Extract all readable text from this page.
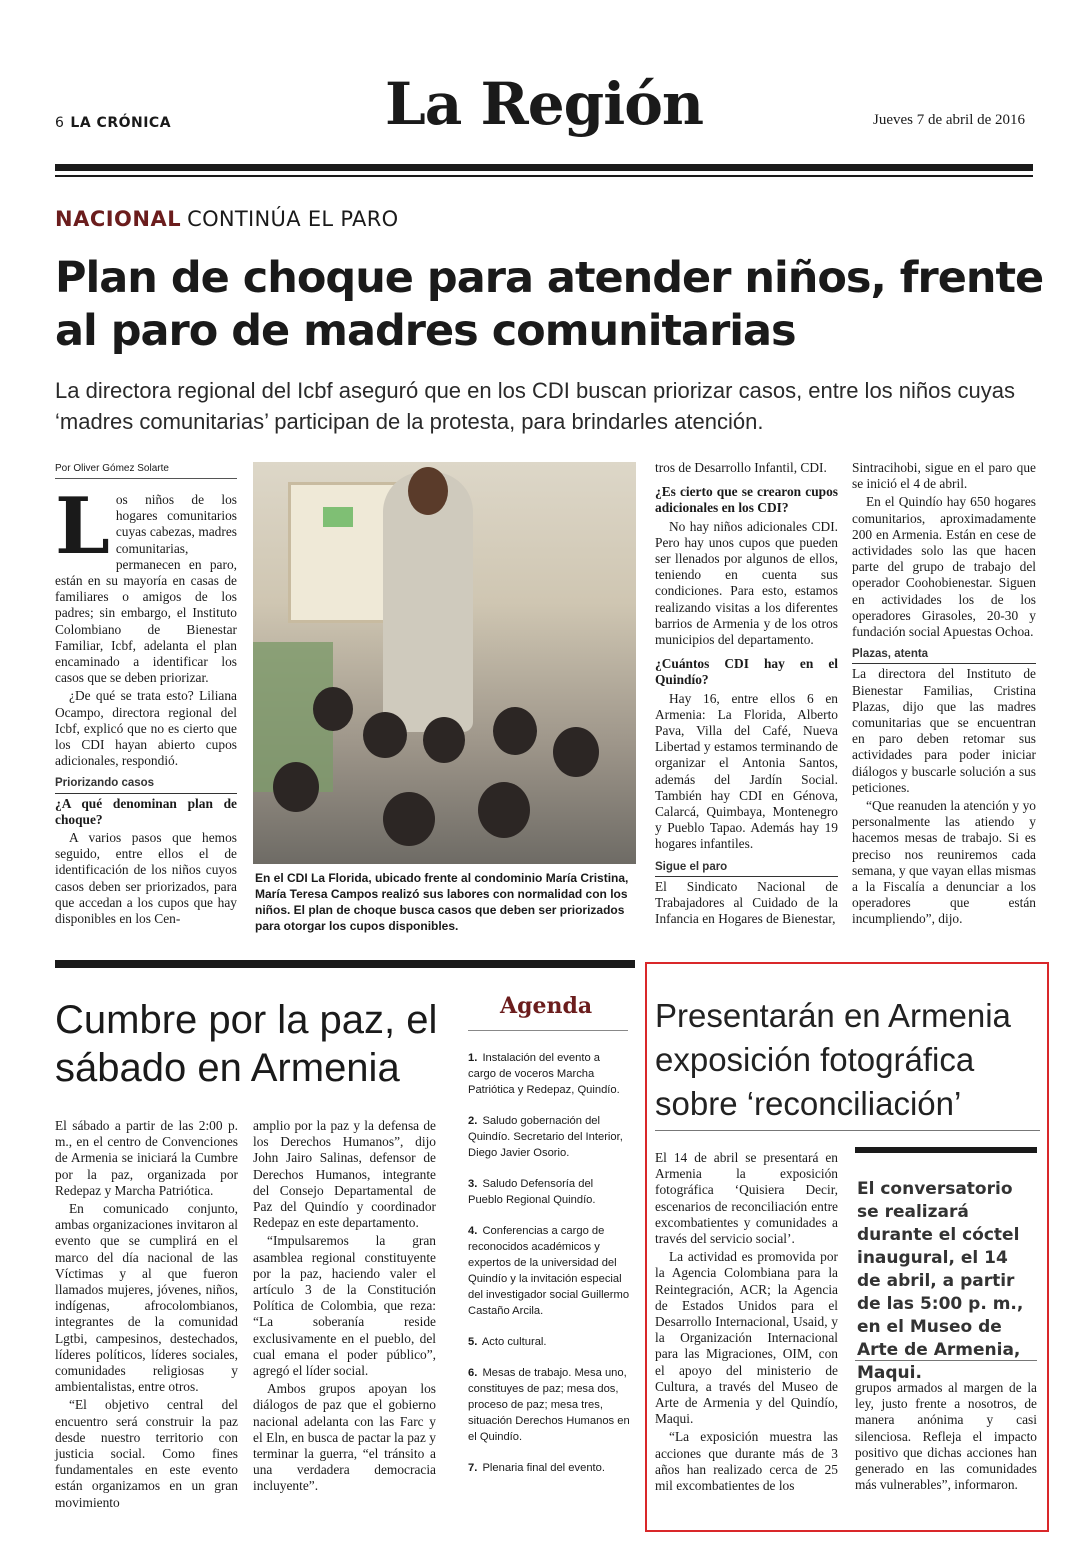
6 LA CRÓNICA	La Región	Jueves 7 de abril de 2016
NACIONAL CONTINÚA EL PARO
Plan de choque para atender niños, frente al paro de madres comunitarias
La directora regional del Icbf aseguró que en los CDI buscan priorizar casos, entre los niños cuyas ‘madres comunitarias’ participan de la protesta, para brindarles atención.
Por Oliver Gómez Solarte
L os niños de los hogares comunitarios cuyas cabezas, madres comunitarias, permanecen en paro, están en su mayoría en casas de familiares o amigos de los padres; sin embargo, el Instituto Colombiano de Bienestar Familiar, Icbf, adelanta el plan encaminado a identificar los casos que se deben priorizar.

¿De qué se trata esto? Liliana Ocampo, directora regional del Icbf, explicó que no es cierto que los CDI hayan abierto cupos adicionales, respondió.

Priorizando casos

¿A qué denominan plan de choque?

A varios pasos que hemos seguido, entre ellos el de identificación de los niños cuyos casos deben ser priorizados, para que accedan a los cupos que hay disponibles en los Cen-

En el CDI La Florida, ubicado frente al condominio María Cristina, María Teresa Campos realizó sus labores con normalidad con los niños. El plan de choque busca casos que deben ser priorizados para otorgar los cupos disponibles.

tros de Desarrollo Infantil, CDI.

¿Es cierto que se crearon cupos adicionales en los CDI?

No hay niños adicionales CDI. Pero hay unos cupos que pueden ser llenados por algunos de ellos, teniendo en cuenta sus condiciones. Para esto, estamos realizando visitas a los diferentes barrios de Armenia y de los otros municipios del departamento.

¿Cuántos CDI hay en el Quindío?

Hay 16, entre ellos 6 en Armenia: La Florida, Alberto Pava, Villa del Café, Nueva Libertad y estamos terminando de organizar el Antonia Santos, además del Jardín Social. También hay CDI en Génova, Calarcá, Quimbaya, Montenegro y Pueblo Tapao. Además hay 19 hogares infantiles.

Sigue el paro

El Sindicato Nacional de Trabajadores al Cuidado de la Infancia en Hogares de Bienestar,

Sintracihobi, sigue en el paro que se inició el 4 de abril.

En el Quindío hay 650 hogares comunitarios, aproximadamente 200 en Armenia. Están en cese de actividades solo las que hacen parte del grupo de trabajo del operador Coohobienestar. Siguen en actividades los de los operadores Girasoles, 20-30 y fundación social Apuestas Ochoa.

Plazas, atenta

La directora del Instituto de Bienestar Familias, Cristina Plazas, dijo que las madres comunitarias que se encuentran en paro deben retomar sus actividades para poder iniciar diálogos y buscarle solución a sus peticiones.

“Que reanuden la atención y yo personalmente las atiendo y hacemos mesas de trabajo. Si es preciso nos reuniremos cada semana, y que vayan ellas mismas a la Fiscalía a denunciar a los operadores que están incumpliendo”, dijo.

Cumbre por la paz, el sábado en Armenia

El sábado a partir de las 2:00 p. m., en el centro de Convenciones de Armenia se iniciará la Cumbre por la paz, organizada por Redepaz y Marcha Patriótica.

En comunicado conjunto, ambas organizaciones invitaron al evento que se cumplirá en el marco del día nacional de las Víctimas y al que fueron llamados mujeres, jóvenes, niños, indígenas, afrocolombianos, integrantes de la comunidad Lgtbi, campesinos, destechados, líderes políticos, líderes sociales, comunidades religiosas y ambientalistas, entre otros.

“El objetivo central del encuentro será construir la paz desde nuestro territorio con justicia social. Como fines fundamentales en este evento están organizamos en un gran movimiento

amplio por la paz y la defensa de los Derechos Humanos”, dijo John Jairo Salinas, defensor de Derechos Humanos, integrante del Consejo Departamental de Paz del Quindío y coordinador Redepaz en este departamento.

“Impulsaremos la gran asamblea regional constituyente por la paz, haciendo valer el artículo 3 de la Constitución Política de Colombia, que reza: “La soberanía reside exclusivamente en el pueblo, del cual emana el poder público”, agregó el líder social.

Ambos grupos apoyan los diálogos de paz que el gobierno nacional adelanta con las Farc y el Eln, en busca de pactar la paz y terminar la guerra, “el tránsito a una verdadera democracia incluyente”.

Agenda
1. Instalación del evento a cargo de voceros Marcha Patriótica y Redepaz, Quindío.
2. Saludo gobernación del Quindío. Secretario del Interior, Diego Javier Osorio.
3. Saludo Defensoría del Pueblo Regional Quindío.
4. Conferencias a cargo de reconocidos académicos y expertos de la universidad del Quindío y la invitación especial del investigador social Guillermo Castaño Arcila.
5. Acto cultural.
6. Mesas de trabajo. Mesa uno, constituyes de paz; mesa dos, proceso de paz; mesa tres, situación Derechos Humanos en el Quindío.
7. Plenaria final del evento.
Presentarán en Armenia exposición fotográfica sobre ‘reconciliación’

El 14 de abril se presentará en Armenia la exposición fotográfica ‘Quisiera Decir, escenarios de reconciliación entre excombatientes y comunidades a través del servicio social’.

La actividad es promovida por la Agencia Colombiana para la Reintegración, ACR; la Agencia de Estados Unidos para el Desarrollo Internacional, Usaid, y la Organización Internacional para las Migraciones, OIM, con el apoyo del ministerio de Cultura, a través del Museo de Arte de Armenia y del Quindío, Maqui.

“La exposición muestra las acciones que durante más de 3 años han realizado cerca de 25 mil excombatientes de los

El conversatorio se realizará durante el cóctel inaugural, el 14 de abril, a partir de las 5:00 p. m., en el Museo de Arte de Armenia, Maqui.

grupos armados al margen de la ley, justo frente a nosotros, de manera anónima y casi silenciosa. Refleja el impacto positivo que dichas acciones han generado en las comunidades más vulnerables”, informaron.
